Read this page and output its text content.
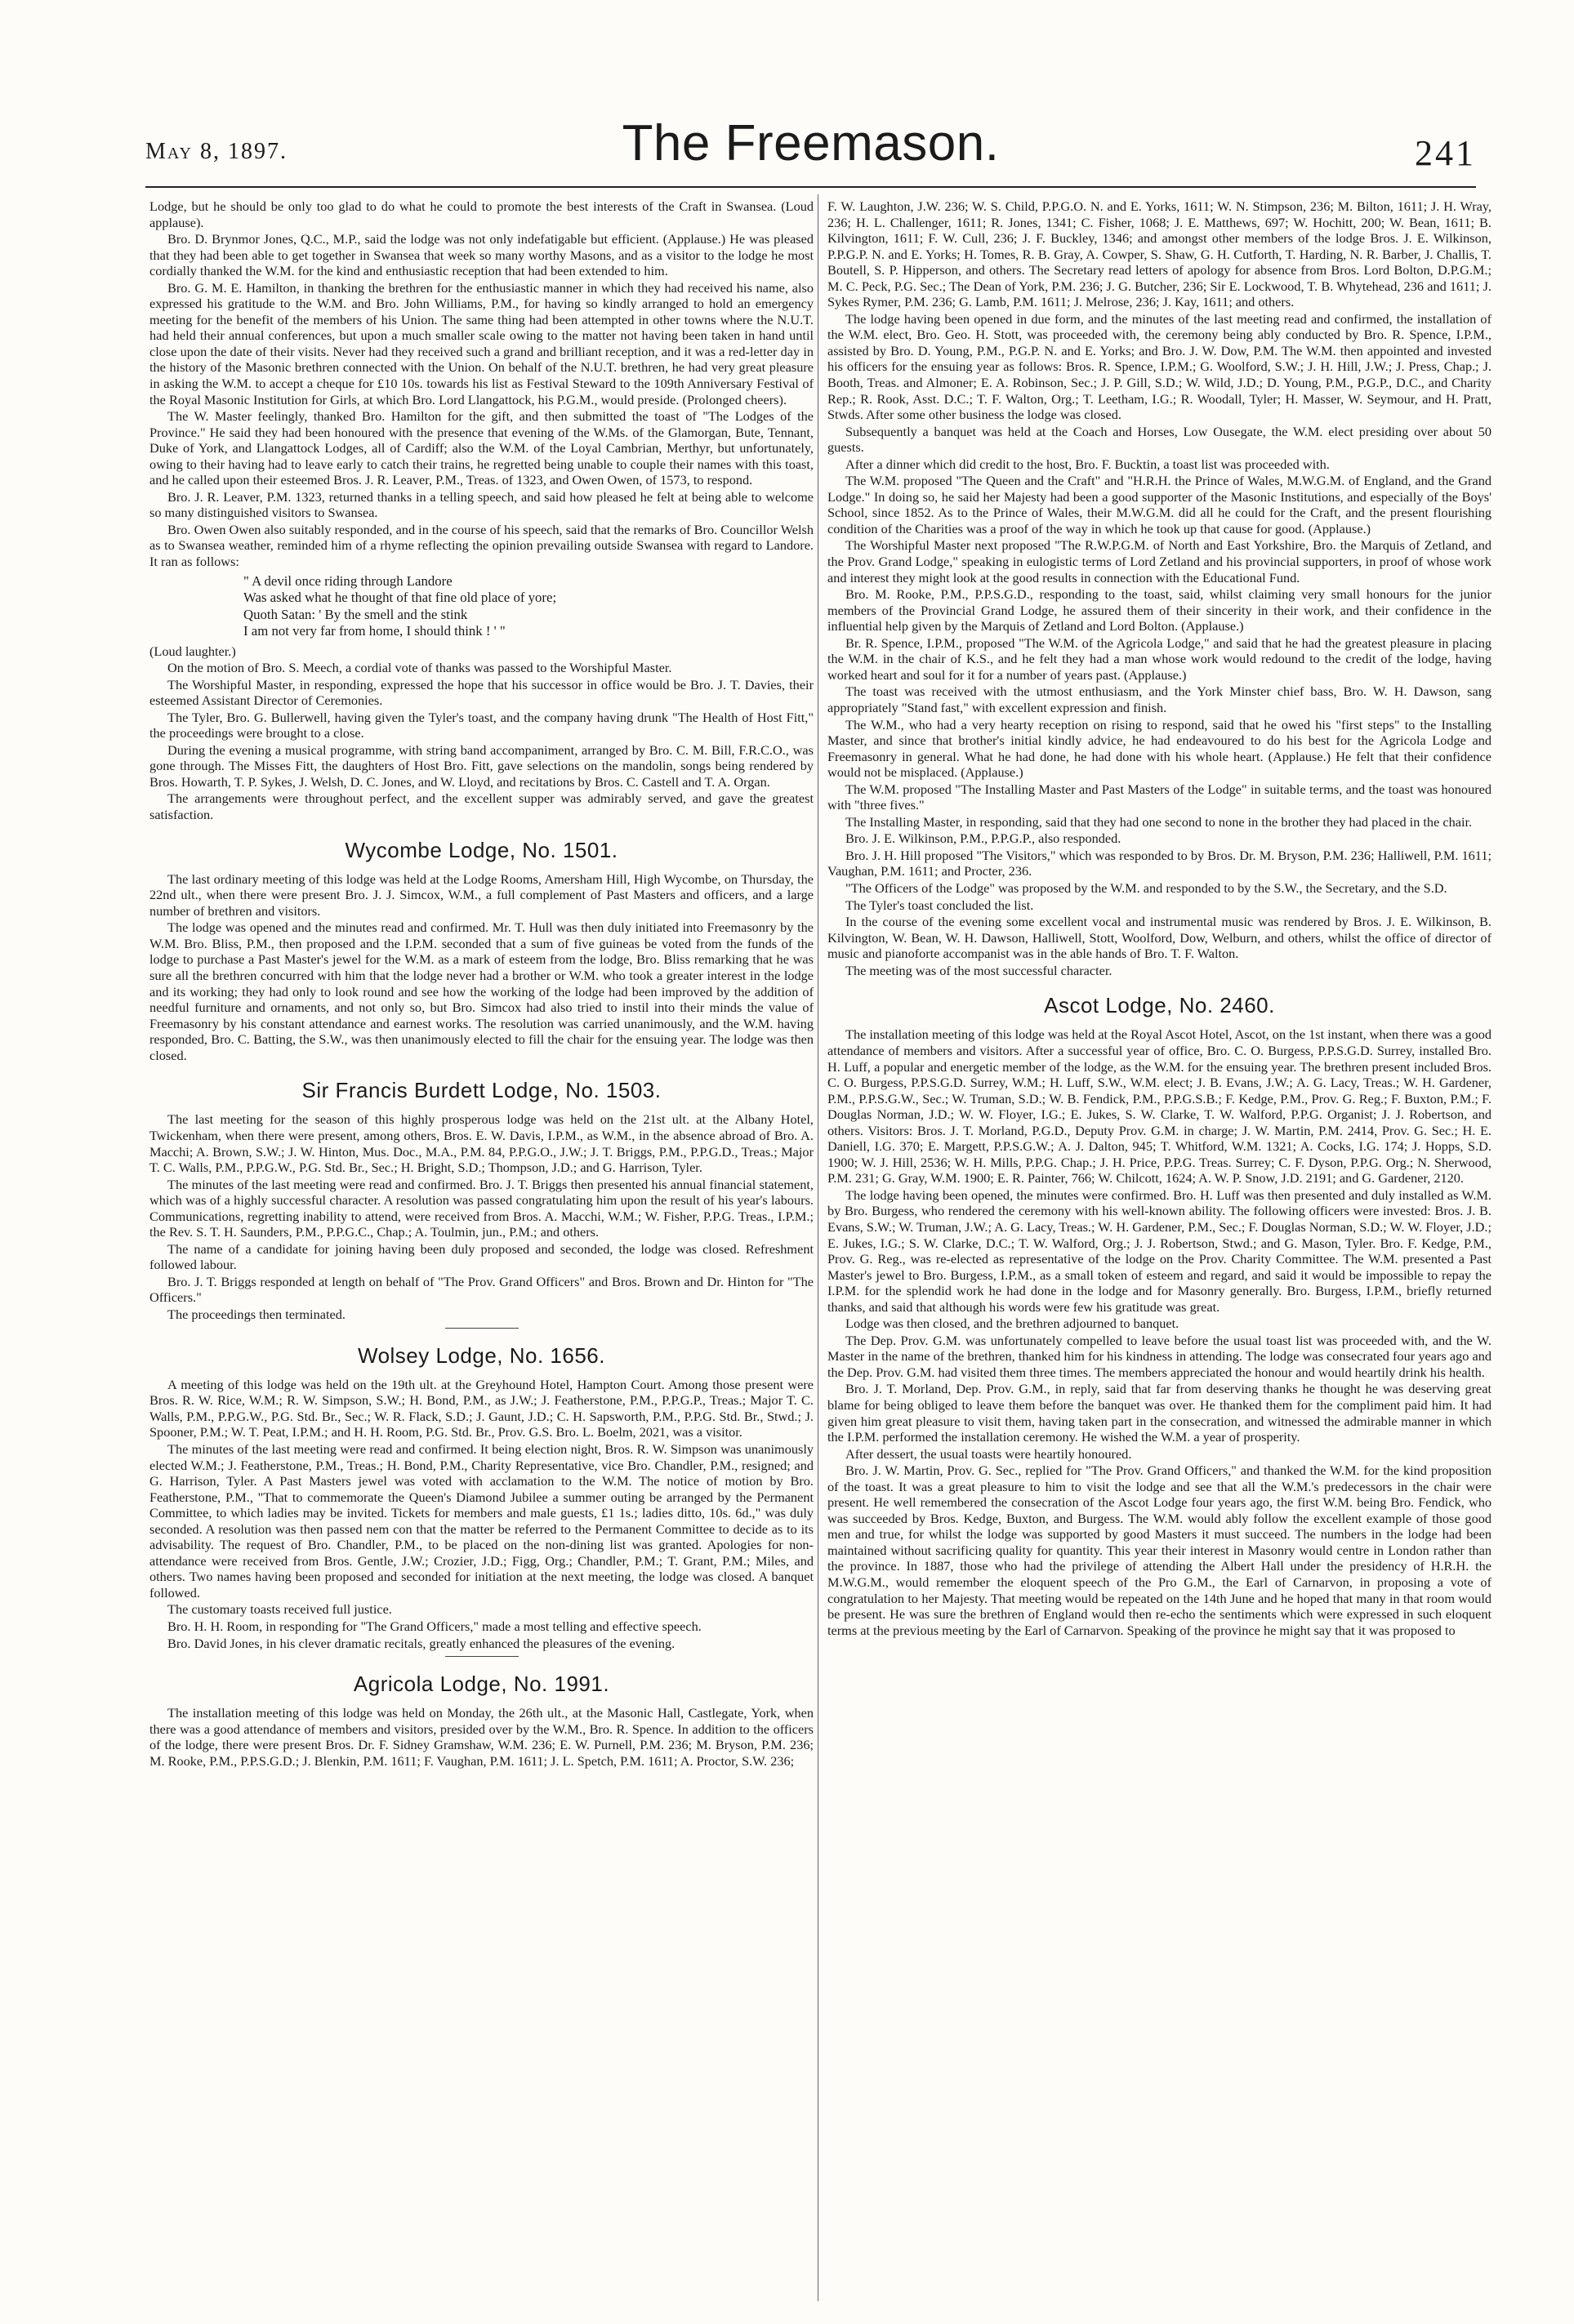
May 8, 1897.	The Freemason.	241

Lodge, but he should be only too glad to do what he could to promote the best interests of the Craft in Swansea. (Loud applause).

Bro. D. Brynmor Jones, Q.C., M.P., said the lodge was not only indefatigable but efficient. (Applause.) He was pleased that they had been able to get together in Swansea that week so many worthy Masons, and as a visitor to the lodge he most cordially thanked the W.M. for the kind and enthusiastic reception that had been extended to him.

Bro. G. M. E. Hamilton, in thanking the brethren for the enthusiastic manner in which they had received his name, also expressed his gratitude to the W.M. and Bro. John Williams, P.M., for having so kindly arranged to hold an emergency meeting for the benefit of the members of his Union. The same thing had been attempted in other towns where the N.U.T. had held their annual conferences, but upon a much smaller scale owing to the matter not having been taken in hand until close upon the date of their visits. Never had they received such a grand and brilliant reception, and it was a red-letter day in the history of the Masonic brethren connected with the Union. On behalf of the N.U.T. brethren, he had very great pleasure in asking the W.M. to accept a cheque for £10 10s. towards his list as Festival Steward to the 109th Anniversary Festival of the Royal Masonic Institution for Girls, at which Bro. Lord Llangattock, his P.G.M., would preside. (Prolonged cheers).

The W. Master feelingly, thanked Bro. Hamilton for the gift, and then submitted the toast of "The Lodges of the Province." He said they had been honoured with the presence that evening of the W.Ms. of the Glamorgan, Bute, Tennant, Duke of York, and Llangattock Lodges, all of Cardiff; also the W.M. of the Loyal Cambrian, Merthyr, but unfortunately, owing to their having had to leave early to catch their trains, he regretted being unable to couple their names with this toast, and he called upon their esteemed Bros. J. R. Leaver, P.M., Treas. of 1323, and Owen Owen, of 1573, to respond.

Bro. J. R. Leaver, P.M. 1323, returned thanks in a telling speech, and said how pleased he felt at being able to welcome so many distinguished visitors to Swansea.

Bro. Owen Owen also suitably responded, and in the course of his speech, said that the remarks of Bro. Councillor Welsh as to Swansea weather, reminded him of a rhyme reflecting the opinion prevailing outside Swansea with regard to Landore. It ran as follows:

" A devil once riding through Landore
Was asked what he thought of that fine old place of yore;
Quoth Satan: ' By the smell and the stink
I am not very far from home, I should think ! ' "

(Loud laughter.)

On the motion of Bro. S. Meech, a cordial vote of thanks was passed to the Worshipful Master.

The Worshipful Master, in responding, expressed the hope that his successor in office would be Bro. J. T. Davies, their esteemed Assistant Director of Ceremonies.

The Tyler, Bro. G. Bullerwell, having given the Tyler's toast, and the company having drunk "The Health of Host Fitt," the proceedings were brought to a close.

During the evening a musical programme, with string band accompaniment, arranged by Bro. C. M. Bill, F.R.C.O., was gone through. The Misses Fitt, the daughters of Host Bro. Fitt, gave selections on the mandolin, songs being rendered by Bros. Howarth, T. P. Sykes, J. Welsh, D. C. Jones, and W. Lloyd, and recitations by Bros. C. Castell and T. A. Organ.

The arrangements were throughout perfect, and the excellent supper was admirably served, and gave the greatest satisfaction.

Wycombe Lodge, No. 1501.

The last ordinary meeting of this lodge was held at the Lodge Rooms, Amersham Hill, High Wycombe, on Thursday, the 22nd ult., when there were present Bro. J. J. Simcox, W.M., a full complement of Past Masters and officers, and a large number of brethren and visitors.

The lodge was opened and the minutes read and confirmed. Mr. T. Hull was then duly initiated into Freemasonry by the W.M. Bro. Bliss, P.M., then proposed and the I.P.M. seconded that a sum of five guineas be voted from the funds of the lodge to purchase a Past Master's jewel for the W.M. as a mark of esteem from the lodge, Bro. Bliss remarking that he was sure all the brethren concurred with him that the lodge never had a brother or W.M. who took a greater interest in the lodge and its working; they had only to look round and see how the working of the lodge had been improved by the addition of needful furniture and ornaments, and not only so, but Bro. Simcox had also tried to instil into their minds the value of Freemasonry by his constant attendance and earnest works. The resolution was carried unanimously, and the W.M. having responded, Bro. C. Batting, the S.W., was then unanimously elected to fill the chair for the ensuing year. The lodge was then closed.

Sir Francis Burdett Lodge, No. 1503.

The last meeting for the season of this highly prosperous lodge was held on the 21st ult. at the Albany Hotel, Twickenham, when there were present, among others, Bros. E. W. Davis, I.P.M., as W.M., in the absence abroad of Bro. A. Macchi; A. Brown, S.W.; J. W. Hinton, Mus. Doc., M.A., P.M. 84, P.P.G.O., J.W.; J. T. Briggs, P.M., P.P.G.D., Treas.; Major T. C. Walls, P.M., P.P.G.W., P.G. Std. Br., Sec.; H. Bright, S.D.; Thompson, J.D.; and G. Harrison, Tyler.

The minutes of the last meeting were read and confirmed. Bro. J. T. Briggs then presented his annual financial statement, which was of a highly successful character. A resolution was passed congratulating him upon the result of his year's labours. Communications, regretting inability to attend, were received from Bros. A. Macchi, W.M.; W. Fisher, P.P.G. Treas., I.P.M.; the Rev. S. T. H. Saunders, P.M., P.P.G.C., Chap.; A. Toulmin, jun., P.M.; and others.

The name of a candidate for joining having been duly proposed and seconded, the lodge was closed. Refreshment followed labour.

Bro. J. T. Briggs responded at length on behalf of "The Prov. Grand Officers" and Bros. Brown and Dr. Hinton for "The Officers."

The proceedings then terminated.

Wolsey Lodge, No. 1656.

A meeting of this lodge was held on the 19th ult. at the Greyhound Hotel, Hampton Court. Among those present were Bros. R. W. Rice, W.M.; R. W. Simpson, S.W.; H. Bond, P.M., as J.W.; J. Featherstone, P.M., P.P.G.P., Treas.; Major T. C. Walls, P.M., P.P.G.W., P.G. Std. Br., Sec.; W. R. Flack, S.D.; J. Gaunt, J.D.; C. H. Sapsworth, P.M., P.P.G. Std. Br., Stwd.; J. Spooner, P.M.; W. T. Peat, I.P.M.; and H. H. Room, P.G. Std. Br., Prov. G.S. Bro. L. Boelm, 2021, was a visitor.

The minutes of the last meeting were read and confirmed. It being election night, Bros. R. W. Simpson was unanimously elected W.M.; J. Featherstone, P.M., Treas.; H. Bond, P.M., Charity Representative, vice Bro. Chandler, P.M., resigned; and G. Harrison, Tyler. A Past Masters jewel was voted with acclamation to the W.M. The notice of motion by Bro. Featherstone, P.M., "That to commemorate the Queen's Diamond Jubilee a summer outing be arranged by the Permanent Committee, to which ladies may be invited. Tickets for members and male guests, £1 1s.; ladies ditto, 10s. 6d.," was duly seconded. A resolution was then passed nem con that the matter be referred to the Permanent Committee to decide as to its advisability. The request of Bro. Chandler, P.M., to be placed on the non-dining list was granted. Apologies for non-attendance were received from Bros. Gentle, J.W.; Crozier, J.D.; Figg, Org.; Chandler, P.M.; T. Grant, P.M.; Miles, and others. Two names having been proposed and seconded for initiation at the next meeting, the lodge was closed. A banquet followed.

The customary toasts received full justice.

Bro. H. H. Room, in responding for "The Grand Officers," made a most telling and effective speech.

Bro. David Jones, in his clever dramatic recitals, greatly enhanced the pleasures of the evening.

Agricola Lodge, No. 1991.

The installation meeting of this lodge was held on Monday, the 26th ult., at the Masonic Hall, Castlegate, York, when there was a good attendance of members and visitors, presided over by the W.M., Bro. R. Spence. In addition to the officers of the lodge, there were present Bros. Dr. F. Sidney Gramshaw, W.M. 236; E. W. Purnell, P.M. 236; M. Bryson, P.M. 236; M. Rooke, P.M., P.P.S.G.D.; J. Blenkin, P.M. 1611; F. Vaughan, P.M. 1611; J. L. Spetch, P.M. 1611; A. Proctor, S.W. 236;

F. W. Laughton, J.W. 236; W. S. Child, P.P.G.O. N. and E. Yorks, 1611; W. N. Stimpson, 236; M. Bilton, 1611; J. H. Wray, 236; H. L. Challenger, 1611; R. Jones, 1341; C. Fisher, 1068; J. E. Matthews, 697; W. Hochitt, 200; W. Bean, 1611; B. Kilvington, 1611; F. W. Cull, 236; J. F. Buckley, 1346; and amongst other members of the lodge Bros. J. E. Wilkinson, P.P.G.P. N. and E. Yorks; H. Tomes, R. B. Gray, A. Cowper, S. Shaw, G. H. Cutforth, T. Harding, N. R. Barber, J. Challis, T. Boutell, S. P. Hipperson, and others. The Secretary read letters of apology for absence from Bros. Lord Bolton, D.P.G.M.; M. C. Peck, P.G. Sec.; The Dean of York, P.M. 236; J. G. Butcher, 236; Sir E. Lockwood, T. B. Whytehead, 236 and 1611; J. Sykes Rymer, P.M. 236; G. Lamb, P.M. 1611; J. Melrose, 236; J. Kay, 1611; and others.

The lodge having been opened in due form, and the minutes of the last meeting read and confirmed, the installation of the W.M. elect, Bro. Geo. H. Stott, was proceeded with, the ceremony being ably conducted by Bro. R. Spence, I.P.M., assisted by Bro. D. Young, P.M., P.G.P. N. and E. Yorks; and Bro. J. W. Dow, P.M. The W.M. then appointed and invested his officers for the ensuing year as follows: Bros. R. Spence, I.P.M.; G. Woolford, S.W.; J. H. Hill, J.W.; J. Press, Chap.; J. Booth, Treas. and Almoner; E. A. Robinson, Sec.; J. P. Gill, S.D.; W. Wild, J.D.; D. Young, P.M., P.G.P., D.C., and Charity Rep.; R. Rook, Asst. D.C.; T. F. Walton, Org.; T. Leetham, I.G.; R. Woodall, Tyler; H. Masser, W. Seymour, and H. Pratt, Stwds. After some other business the lodge was closed.

Subsequently a banquet was held at the Coach and Horses, Low Ousegate, the W.M. elect presiding over about 50 guests.

After a dinner which did credit to the host, Bro. F. Bucktin, a toast list was proceeded with.

The W.M. proposed "The Queen and the Craft" and "H.R.H. the Prince of Wales, M.W.G.M. of England, and the Grand Lodge." In doing so, he said her Majesty had been a good supporter of the Masonic Institutions, and especially of the Boys' School, since 1852. As to the Prince of Wales, their M.W.G.M. did all he could for the Craft, and the present flourishing condition of the Charities was a proof of the way in which he took up that cause for good. (Applause.)

The Worshipful Master next proposed "The R.W.P.G.M. of North and East Yorkshire, Bro. the Marquis of Zetland, and the Prov. Grand Lodge," speaking in eulogistic terms of Lord Zetland and his provincial supporters, in proof of whose work and interest they might look at the good results in connection with the Educational Fund.

Bro. M. Rooke, P.M., P.P.S.G.D., responding to the toast, said, whilst claiming very small honours for the junior members of the Provincial Grand Lodge, he assured them of their sincerity in their work, and their confidence in the influential help given by the Marquis of Zetland and Lord Bolton. (Applause.)

Br. R. Spence, I.P.M., proposed "The W.M. of the Agricola Lodge," and said that he had the greatest pleasure in placing the W.M. in the chair of K.S., and he felt they had a man whose work would redound to the credit of the lodge, having worked heart and soul for it for a number of years past. (Applause.)

The toast was received with the utmost enthusiasm, and the York Minster chief bass, Bro. W. H. Dawson, sang appropriately "Stand fast," with excellent expression and finish.

The W.M., who had a very hearty reception on rising to respond, said that he owed his "first steps" to the Installing Master, and since that brother's initial kindly advice, he had endeavoured to do his best for the Agricola Lodge and Freemasonry in general. What he had done, he had done with his whole heart. (Applause.) He felt that their confidence would not be misplaced. (Applause.)

The W.M. proposed "The Installing Master and Past Masters of the Lodge" in suitable terms, and the toast was honoured with "three fives."

The Installing Master, in responding, said that they had one second to none in the brother they had placed in the chair.

Bro. J. E. Wilkinson, P.M., P.P.G.P., also responded.

Bro. J. H. Hill proposed "The Visitors," which was responded to by Bros. Dr. M. Bryson, P.M. 236; Halliwell, P.M. 1611; Vaughan, P.M. 1611; and Procter, 236.

"The Officers of the Lodge" was proposed by the W.M. and responded to by the S.W., the Secretary, and the S.D.

The Tyler's toast concluded the list.

In the course of the evening some excellent vocal and instrumental music was rendered by Bros. J. E. Wilkinson, B. Kilvington, W. Bean, W. H. Dawson, Halliwell, Stott, Woolford, Dow, Welburn, and others, whilst the office of director of music and pianoforte accompanist was in the able hands of Bro. T. F. Walton.

The meeting was of the most successful character.

Ascot Lodge, No. 2460.

The installation meeting of this lodge was held at the Royal Ascot Hotel, Ascot, on the 1st instant, when there was a good attendance of members and visitors. After a successful year of office, Bro. C. O. Burgess, P.P.S.G.D. Surrey, installed Bro. H. Luff, a popular and energetic member of the lodge, as the W.M. for the ensuing year. The brethren present included Bros. C. O. Burgess, P.P.S.G.D. Surrey, W.M.; H. Luff, S.W., W.M. elect; J. B. Evans, J.W.; A. G. Lacy, Treas.; W. H. Gardener, P.M., P.P.S.G.W., Sec.; W. Truman, S.D.; W. B. Fendick, P.M., P.P.G.S.B.; F. Kedge, P.M., Prov. G. Reg.; F. Buxton, P.M.; F. Douglas Norman, J.D.; W. W. Floyer, I.G.; E. Jukes, S. W. Clarke, T. W. Walford, P.P.G. Organist; J. J. Robertson, and others. Visitors: Bros. J. T. Morland, P.G.D., Deputy Prov. G.M. in charge; J. W. Martin, P.M. 2414, Prov. G. Sec.; H. E. Daniell, I.G. 370; E. Margett, P.P.S.G.W.; A. J. Dalton, 945; T. Whitford, W.M. 1321; A. Cocks, I.G. 174; J. Hopps, S.D. 1900; W. J. Hill, 2536; W. H. Mills, P.P.G. Chap.; J. H. Price, P.P.G. Treas. Surrey; C. F. Dyson, P.P.G. Org.; N. Sherwood, P.M. 231; G. Gray, W.M. 1900; E. R. Painter, 766; W. Chilcott, 1624; A. W. P. Snow, J.D. 2191; and G. Gardener, 2120.

The lodge having been opened, the minutes were confirmed. Bro. H. Luff was then presented and duly installed as W.M. by Bro. Burgess, who rendered the ceremony with his well-known ability. The following officers were invested: Bros. J. B. Evans, S.W.; W. Truman, J.W.; A. G. Lacy, Treas.; W. H. Gardener, P.M., Sec.; F. Douglas Norman, S.D.; W. W. Floyer, J.D.; E. Jukes, I.G.; S. W. Clarke, D.C.; T. W. Walford, Org.; J. J. Robertson, Stwd.; and G. Mason, Tyler. Bro. F. Kedge, P.M., Prov. G. Reg., was re-elected as representative of the lodge on the Prov. Charity Committee. The W.M. presented a Past Master's jewel to Bro. Burgess, I.P.M., as a small token of esteem and regard, and said it would be impossible to repay the I.P.M. for the splendid work he had done in the lodge and for Masonry generally. Bro. Burgess, I.P.M., briefly returned thanks, and said that although his words were few his gratitude was great.

Lodge was then closed, and the brethren adjourned to banquet.

The Dep. Prov. G.M. was unfortunately compelled to leave before the usual toast list was proceeded with, and the W. Master in the name of the brethren, thanked him for his kindness in attending. The lodge was consecrated four years ago and the Dep. Prov. G.M. had visited them three times. The members appreciated the honour and would heartily drink his health.

Bro. J. T. Morland, Dep. Prov. G.M., in reply, said that far from deserving thanks he thought he was deserving great blame for being obliged to leave them before the banquet was over. He thanked them for the compliment paid him. It had given him great pleasure to visit them, having taken part in the consecration, and witnessed the admirable manner in which the I.P.M. performed the installation ceremony. He wished the W.M. a year of prosperity.

After dessert, the usual toasts were heartily honoured.

Bro. J. W. Martin, Prov. G. Sec., replied for "The Prov. Grand Officers," and thanked the W.M. for the kind proposition of the toast. It was a great pleasure to him to visit the lodge and see that all the W.M.'s predecessors in the chair were present. He well remembered the consecration of the Ascot Lodge four years ago, the first W.M. being Bro. Fendick, who was succeeded by Bros. Kedge, Buxton, and Burgess. The W.M. would ably follow the excellent example of those good men and true, for whilst the lodge was supported by good Masters it must succeed. The numbers in the lodge had been maintained without sacrificing quality for quantity. This year their interest in Masonry would centre in London rather than the province. In 1887, those who had the privilege of attending the Albert Hall under the presidency of H.R.H. the M.W.G.M., would remember the eloquent speech of the Pro G.M., the Earl of Carnarvon, in proposing a vote of congratulation to her Majesty. That meeting would be repeated on the 14th June and he hoped that many in that room would be present. He was sure the brethren of England would then re-echo the sentiments which were expressed in such eloquent terms at the previous meeting by the Earl of Carnarvon. Speaking of the province he might say that it was proposed to
